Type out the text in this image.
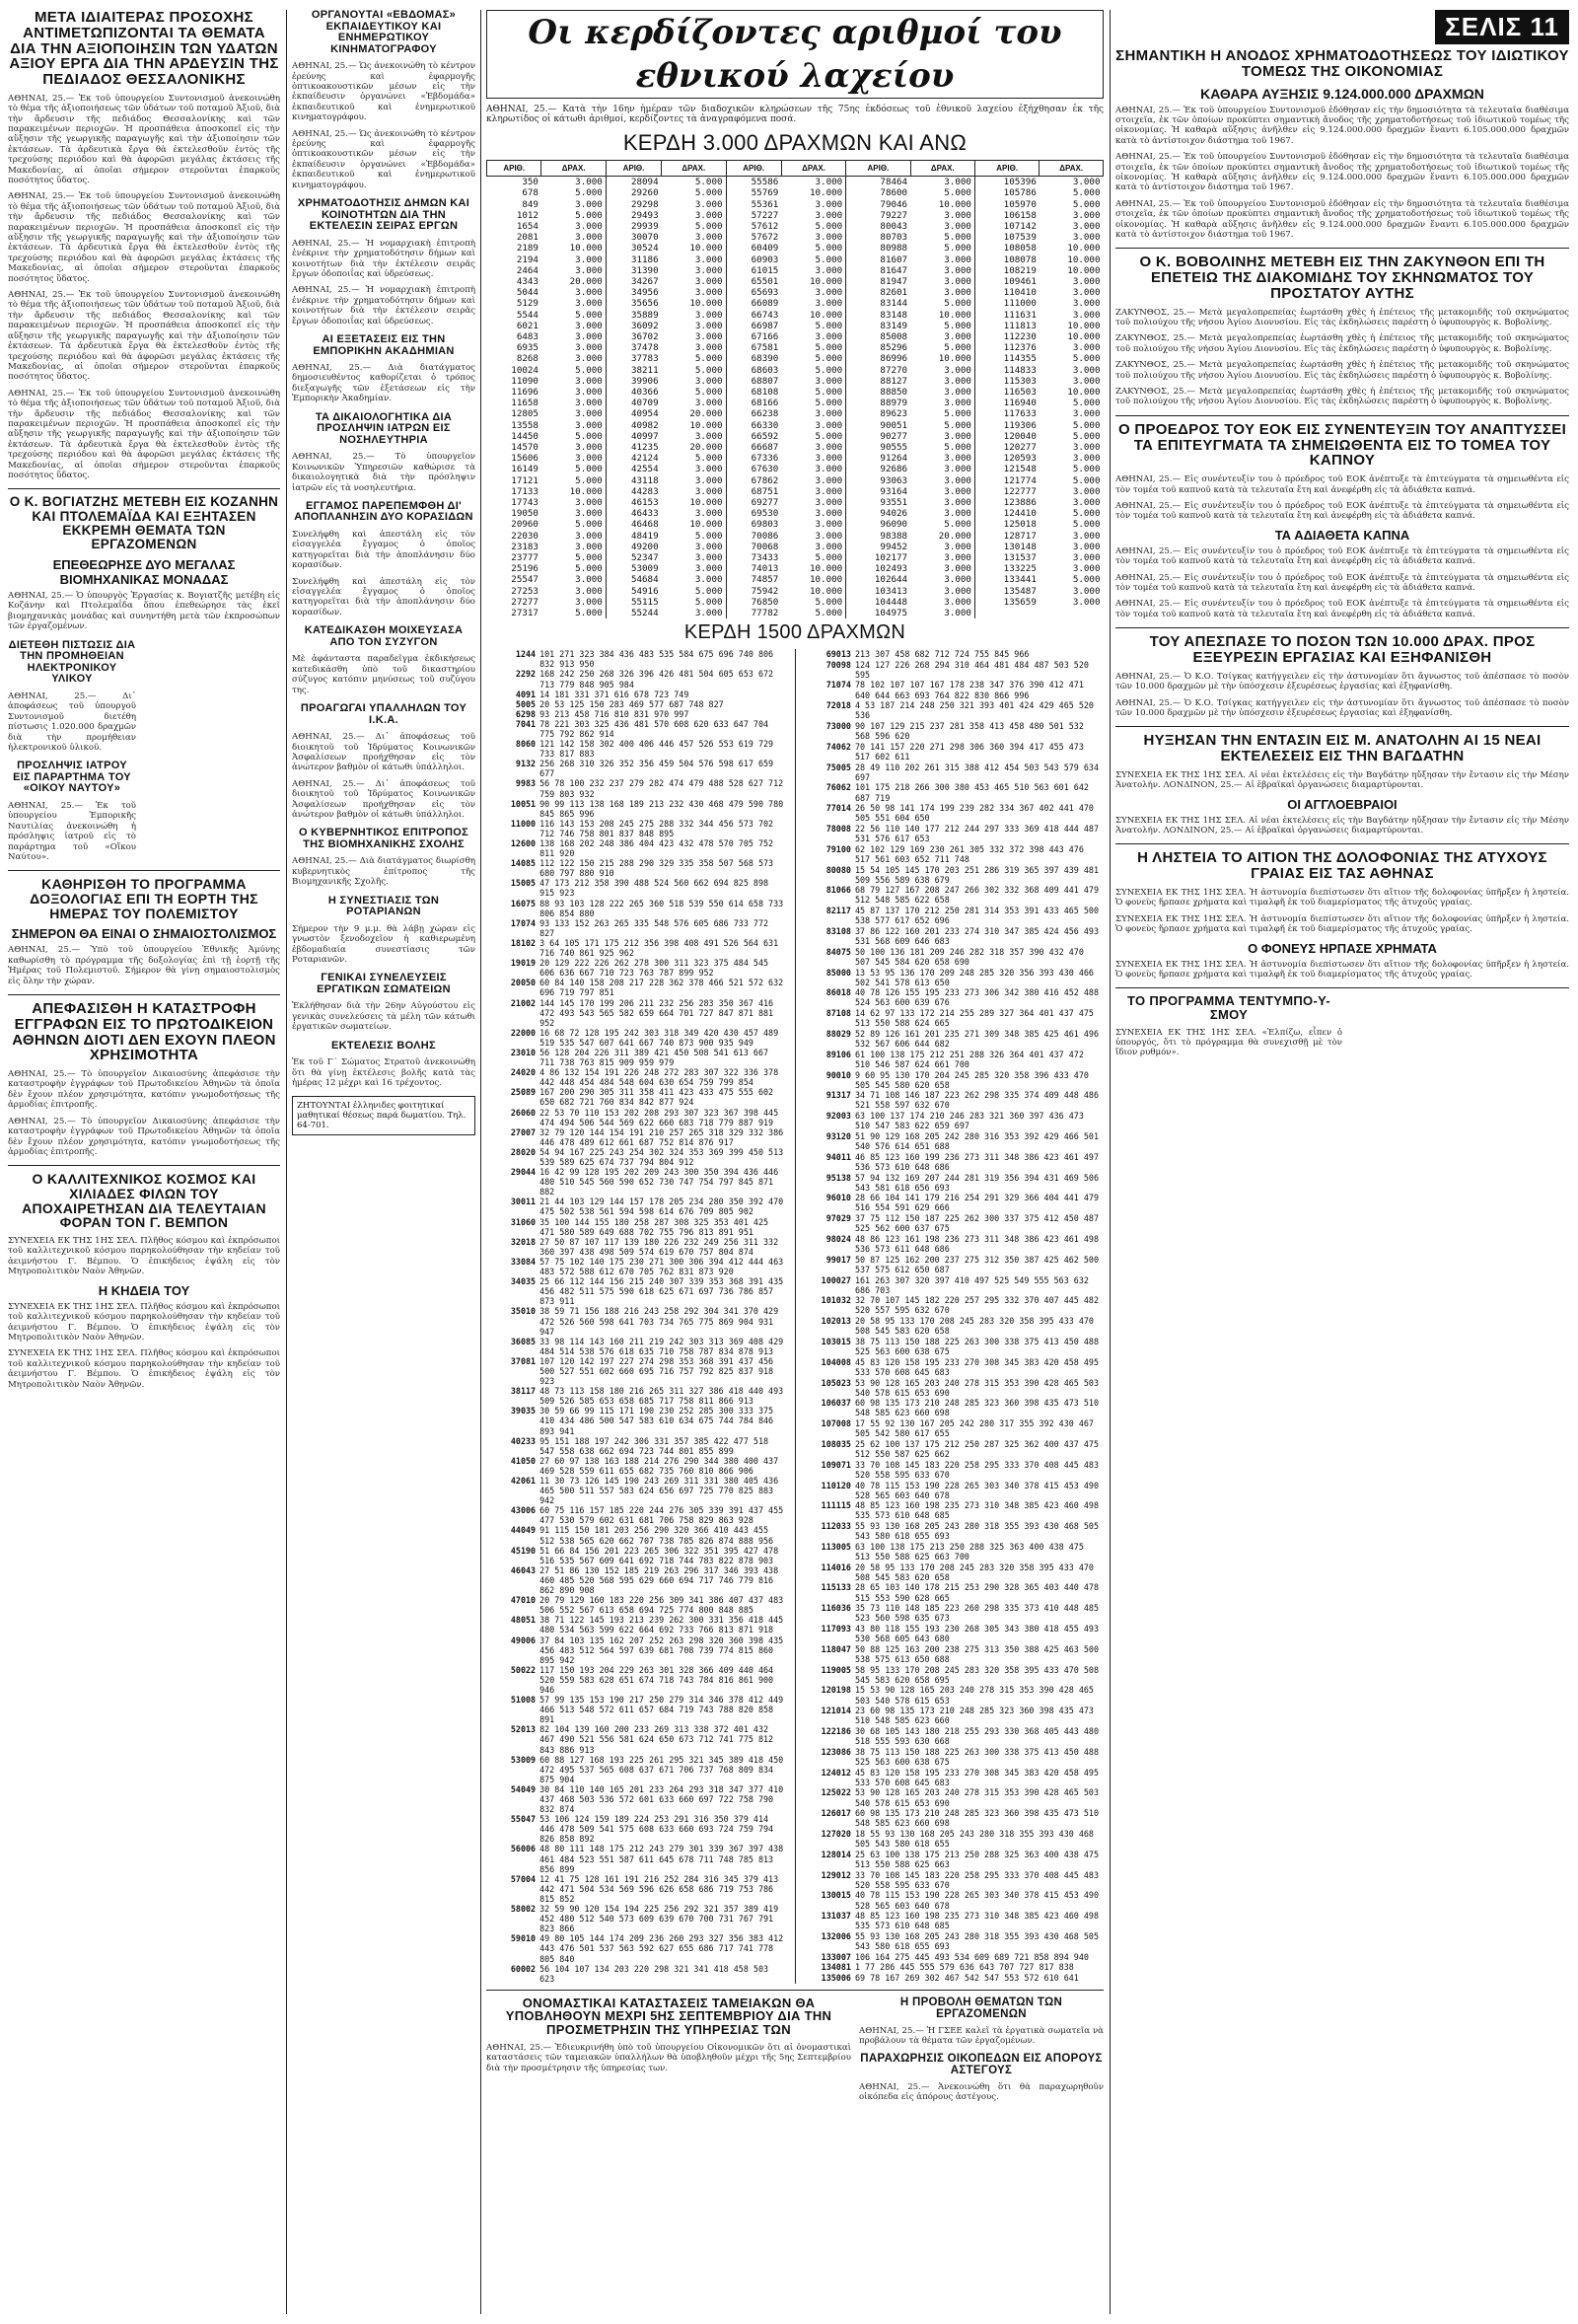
ΜΕΤΑ ΙΔΙΑΙΤΕΡΑΣ ΠΡΟΣΟΧΗΣ ΑΝΤΙΜΕΤΩΠΙΖΟΝΤΑΙ ΤΑ ΘΕΜΑΤΑ ΔΙΑ ΤΗΝ ΑΞΙΟΠΟΙΗΣΙΝ ΤΩΝ ΥΔΑΤΩΝ ΑΞΙΟΥ ΕΡΓΑ ΔΙΑ ΤΗΝ ΑΡΔΕΥΣΙΝ ΤΗΣ ΠΕΔΙΑΔΟΣ ΘΕΣΣΑΛΟΝΙΚΗΣ
ΑΘΗΝΑΙ, 25.— Ἐκ τοῦ ὑπουργείου Συντονισμοῦ ἀνεκοινώθη τὸ θέμα τῆς ἀξιοποιήσεως τῶν ὑδάτων τοῦ ποταμοῦ Ἀξιοῦ, διὰ τὴν ἄρδευσιν τῆς πεδιάδος Θεσσαλονίκης καὶ τῶν παρακειμένων περιοχῶν. Ἡ προσπάθεια ἀποσκοπεῖ εἰς τὴν αὔξησιν τῆς γεωργικῆς παραγωγῆς καὶ τὴν ἀξιοποίησιν τῶν ἐκτάσεων. Τὰ ἀρδευτικὰ ἔργα θὰ ἐκτελεσθοῦν ἐντὸς τῆς τρεχούσης περιόδου καὶ θὰ ἀφορῶσι μεγάλας ἐκτάσεις τῆς Μακεδονίας, αἱ ὁποῖαι σήμερον στεροῦνται ἐπαρκοῦς ποσότητος ὕδατος.
ΑΘΗΝΑΙ, 25.— Ἐκ τοῦ ὑπουργείου Συντονισμοῦ ἀνεκοινώθη τὸ θέμα τῆς ἀξιοποιήσεως τῶν ὑδάτων τοῦ ποταμοῦ Ἀξιοῦ, διὰ τὴν ἄρδευσιν τῆς πεδιάδος Θεσσαλονίκης καὶ τῶν παρακειμένων περιοχῶν. Ἡ προσπάθεια ἀποσκοπεῖ εἰς τὴν αὔξησιν τῆς γεωργικῆς παραγωγῆς καὶ τὴν ἀξιοποίησιν τῶν ἐκτάσεων. Τὰ ἀρδευτικὰ ἔργα θὰ ἐκτελεσθοῦν ἐντὸς τῆς τρεχούσης περιόδου καὶ θὰ ἀφορῶσι μεγάλας ἐκτάσεις τῆς Μακεδονίας, αἱ ὁποῖαι σήμερον στεροῦνται ἐπαρκοῦς ποσότητος ὕδατος.
ΑΘΗΝΑΙ, 25.— Ἐκ τοῦ ὑπουργείου Συντονισμοῦ ἀνεκοινώθη τὸ θέμα τῆς ἀξιοποιήσεως τῶν ὑδάτων τοῦ ποταμοῦ Ἀξιοῦ, διὰ τὴν ἄρδευσιν τῆς πεδιάδος Θεσσαλονίκης καὶ τῶν παρακειμένων περιοχῶν. Ἡ προσπάθεια ἀποσκοπεῖ εἰς τὴν αὔξησιν τῆς γεωργικῆς παραγωγῆς καὶ τὴν ἀξιοποίησιν τῶν ἐκτάσεων. Τὰ ἀρδευτικὰ ἔργα θὰ ἐκτελεσθοῦν ἐντὸς τῆς τρεχούσης περιόδου καὶ θὰ ἀφορῶσι μεγάλας ἐκτάσεις τῆς Μακεδονίας, αἱ ὁποῖαι σήμερον στεροῦνται ἐπαρκοῦς ποσότητος ὕδατος.
ΑΘΗΝΑΙ, 25.— Ἐκ τοῦ ὑπουργείου Συντονισμοῦ ἀνεκοινώθη τὸ θέμα τῆς ἀξιοποιήσεως τῶν ὑδάτων τοῦ ποταμοῦ Ἀξιοῦ, διὰ τὴν ἄρδευσιν τῆς πεδιάδος Θεσσαλονίκης καὶ τῶν παρακειμένων περιοχῶν. Ἡ προσπάθεια ἀποσκοπεῖ εἰς τὴν αὔξησιν τῆς γεωργικῆς παραγωγῆς καὶ τὴν ἀξιοποίησιν τῶν ἐκτάσεων. Τὰ ἀρδευτικὰ ἔργα θὰ ἐκτελεσθοῦν ἐντὸς τῆς τρεχούσης περιόδου καὶ θὰ ἀφορῶσι μεγάλας ἐκτάσεις τῆς Μακεδονίας, αἱ ὁποῖαι σήμερον στεροῦνται ἐπαρκοῦς ποσότητος ὕδατος.
Ο Κ. ΒΟΓΙΑΤΖΗΣ ΜΕΤΕΒΗ ΕΙΣ ΚΟΖΑΝΗΝ ΚΑΙ ΠΤΟΛΕΜΑΪΔΑ ΚΑΙ ΕΞΗΤΑΣΕΝ ΕΚΚΡΕΜΗ ΘΕΜΑΤΑ ΤΩΝ ΕΡΓΑΖΟΜΕΝΩΝ
ΕΠΕΘΕΩΡΗΣΕ ΔΥΟ ΜΕΓΑΛΑΣ ΒΙΟΜΗΧΑΝΙΚΑΣ ΜΟΝΑΔΑΣ
ΑΘΗΝΑΙ, 25.— Ὁ ὑπουργὸς Ἐργασίας κ. Βογιατζῆς μετέβη εἰς Κοζάνην καὶ Πτολεμαΐδα ὅπου ἐπεθεώρησε τὰς ἐκεῖ βιομηχανικὰς μονάδας καὶ συνηντήθη μετὰ τῶν ἐκπροσώπων τῶν ἐργαζομένων.
ΔΙΕΤΕΘΗ ΠΙΣΤΩΣΙΣ ΔΙΑ ΤΗΝ ΠΡΟΜΗΘΕΙΑΝ ΗΛΕΚΤΡΟΝΙΚΟΥ ΥΛΙΚΟΥ
ΑΘΗΝΑΙ, 25.— Δι᾽ ἀποφάσεως τοῦ ὑπουργοῦ Συντονισμοῦ διετέθη πίστωσις 1.020.000 δραχμῶν διὰ τὴν προμήθειαν ἠλεκτρονικοῦ ὑλικοῦ.
ΠΡΟΣΛΗΨΙΣ ΙΑΤΡΟΥ ΕΙΣ ΠΑΡΑΡΤΗΜΑ ΤΟΥ «ΟΙΚΟΥ ΝΑΥΤΟΥ»
ΑΘΗΝΑΙ, 25.— Ἐκ τοῦ ὑπουργείου Ἐμπορικῆς Ναυτιλίας ἀνεκοινώθη ἡ πρόσληψις ἰατροῦ εἰς τὸ παράρτημα τοῦ «Οἴκου Ναύτου».
ΚΑΘΗΡΙΣΘΗ ΤΟ ΠΡΟΓΡΑΜΜΑ ΔΟΞΟΛΟΓΙΑΣ ΕΠΙ ΤΗ ΕΟΡΤΗ ΤΗΣ ΗΜΕΡΑΣ ΤΟΥ ΠΟΛΕΜΙΣΤΟΥ
ΣΗΜΕΡΟΝ ΘΑ ΕΙΝΑΙ Ο ΣΗΜΑΙΟΣΤΟΛΙΣΜΟΣ
ΑΘΗΝΑΙ, 25.— Ὑπὸ τοῦ ὑπουργείου Ἐθνικῆς Ἀμύνης καθωρίσθη τὸ πρόγραμμα τῆς δοξολογίας ἐπὶ τῇ ἑορτῇ τῆς Ἡμέρας τοῦ Πολεμιστοῦ. Σήμερον θὰ γίνῃ σημαιοστολισμὸς εἰς ὅλην τὴν χώραν.
ΑΠΕΦΑΣΙΣΘΗ Η ΚΑΤΑΣΤΡΟΦΗ ΕΓΓΡΑΦΩΝ ΕΙΣ ΤΟ ΠΡΩΤΟΔΙΚΕΙΟΝ ΑΘΗΝΩΝ ΔΙΟΤΙ ΔΕΝ ΕΧΟΥΝ ΠΛΕΟΝ ΧΡΗΣΙΜΟΤΗΤΑ
ΑΘΗΝΑΙ, 25.— Τὸ ὑπουργεῖον Δικαιοσύνης ἀπεφάσισε τὴν καταστροφὴν ἐγγράφων τοῦ Πρωτοδικείου Ἀθηνῶν τὰ ὁποῖα δὲν ἔχουν πλέον χρησιμότητα, κατόπιν γνωμοδοτήσεως τῆς ἁρμοδίας ἐπιτροπῆς.
ΑΘΗΝΑΙ, 25.— Τὸ ὑπουργεῖον Δικαιοσύνης ἀπεφάσισε τὴν καταστροφὴν ἐγγράφων τοῦ Πρωτοδικείου Ἀθηνῶν τὰ ὁποῖα δὲν ἔχουν πλέον χρησιμότητα, κατόπιν γνωμοδοτήσεως τῆς ἁρμοδίας ἐπιτροπῆς.
Ο ΚΑΛΛΙΤΕΧΝΙΚΟΣ ΚΟΣΜΟΣ ΚΑΙ ΧΙΛΙΑΔΕΣ ΦΙΛΩΝ ΤΟΥ ΑΠΟΧΑΙΡΕΤΗΣΑΝ ΔΙΑ ΤΕΛΕΥΤΑΙΑΝ ΦΟΡΑΝ ΤΟΝ Γ. ΒΕΜΠΟΝ
ΣΥΝΕΧΕΙΑ ΕΚ ΤΗΣ 1ΗΣ ΣΕΛ. Πλῆθος κόσμου καὶ ἐκπρόσωποι τοῦ καλλιτεχνικοῦ κόσμου παρηκολούθησαν τὴν κηδείαν τοῦ ἀειμνήστου Γ. Βέμπου. Ὁ ἐπικήδειος ἐψάλη εἰς τὸν Μητροπολιτικὸν Ναὸν Ἀθηνῶν.
Η ΚΗΔΕΙΑ ΤΟΥ
ΣΥΝΕΧΕΙΑ ΕΚ ΤΗΣ 1ΗΣ ΣΕΛ. Πλῆθος κόσμου καὶ ἐκπρόσωποι τοῦ καλλιτεχνικοῦ κόσμου παρηκολούθησαν τὴν κηδείαν τοῦ ἀειμνήστου Γ. Βέμπου. Ὁ ἐπικήδειος ἐψάλη εἰς τὸν Μητροπολιτικὸν Ναὸν Ἀθηνῶν.
ΣΥΝΕΧΕΙΑ ΕΚ ΤΗΣ 1ΗΣ ΣΕΛ. Πλῆθος κόσμου καὶ ἐκπρόσωποι τοῦ καλλιτεχνικοῦ κόσμου παρηκολούθησαν τὴν κηδείαν τοῦ ἀειμνήστου Γ. Βέμπου. Ὁ ἐπικήδειος ἐψάλη εἰς τὸν Μητροπολιτικὸν Ναὸν Ἀθηνῶν.
ΟΡΓΑΝΟΥΤΑΙ «ΕΒΔΟΜΑΣ» ΕΚΠΑΙΔΕΥΤΙΚΟΥ ΚΑΙ ΕΝΗΜΕΡΩΤΙΚΟΥ ΚΙΝΗΜΑΤΟΓΡΑΦΟΥ
ΑΘΗΝΑΙ, 25.— Ὡς ἀνεκοινώθη τὸ κέντρον ἐρεύνης καὶ ἐφαρμογῆς ὀπτικοακουστικῶν μέσων εἰς τὴν ἐκπαίδευσιν ὀργανώνει «Ἑβδομάδα» ἐκπαιδευτικοῦ καὶ ἐνημερωτικοῦ κινηματογράφου.
ΑΘΗΝΑΙ, 25.— Ὡς ἀνεκοινώθη τὸ κέντρον ἐρεύνης καὶ ἐφαρμογῆς ὀπτικοακουστικῶν μέσων εἰς τὴν ἐκπαίδευσιν ὀργανώνει «Ἑβδομάδα» ἐκπαιδευτικοῦ καὶ ἐνημερωτικοῦ κινηματογράφου.
ΧΡΗΜΑΤΟΔΟΤΗΣΙΣ ΔΗΜΩΝ ΚΑΙ ΚΟΙΝΟΤΗΤΩΝ ΔΙΑ ΤΗΝ ΕΚΤΕΛΕΣΙΝ ΣΕΙΡΑΣ ΕΡΓΩΝ
ΑΘΗΝΑΙ, 25.— Ἡ νομαρχιακὴ ἐπιτροπὴ ἐνέκρινε τὴν χρηματοδότησιν δήμων καὶ κοινοτήτων διὰ τὴν ἐκτέλεσιν σειρᾶς ἔργων ὀδοποιΐας καὶ ὑδρεύσεως.
ΑΘΗΝΑΙ, 25.— Ἡ νομαρχιακὴ ἐπιτροπὴ ἐνέκρινε τὴν χρηματοδότησιν δήμων καὶ κοινοτήτων διὰ τὴν ἐκτέλεσιν σειρᾶς ἔργων ὀδοποιΐας καὶ ὑδρεύσεως.
ΑΙ ΕΞΕΤΑΣΕΙΣ ΕΙΣ ΤΗΝ ΕΜΠΟΡΙΚΗΝ ΑΚΑΔΗΜΙΑΝ
ΑΘΗΝΑΙ, 25.— Διὰ διατάγματος δημοσιευθέντος καθορίζεται ὁ τρόπος διεξαγωγῆς τῶν ἐξετάσεων εἰς τὴν Ἐμπορικὴν Ἀκαδημίαν.
ΤΑ ΔΙΚΑΙΟΛΟΓΗΤΙΚΑ ΔΙΑ ΠΡΟΣΛΗΨΙΝ ΙΑΤΡΩΝ ΕΙΣ ΝΟΣΗΛΕΥΤΗΡΙΑ
ΑΘΗΝΑΙ, 25.— Τὸ ὑπουργεῖον Κοινωνικῶν Ὑπηρεσιῶν καθώρισε τὰ δικαιολογητικὰ διὰ τὴν πρόσληψιν ἰατρῶν εἰς τὰ νοσηλευτήρια.
ΕΓΓΑΜΟΣ ΠΑΡΕΠΕΜΦΘΗ ΔΙ' ΑΠΟΠΛΑΝΗΣΙΝ ΔΥΟ ΚΟΡΑΣΙΔΩΝ
Συνελήφθη καὶ ἀπεστάλη εἰς τὸν εἰσαγγελέα ἔγγαμος ὁ ὁποῖος κατηγορεῖται διὰ τὴν ἀποπλάνησιν δύο κορασίδων.
Συνελήφθη καὶ ἀπεστάλη εἰς τὸν εἰσαγγελέα ἔγγαμος ὁ ὁποῖος κατηγορεῖται διὰ τὴν ἀποπλάνησιν δύο κορασίδων.
ΚΑΤΕΔΙΚΑΣΘΗ ΜΟΙΧΕΥΣΑΣΑ ΑΠΟ ΤΟΝ ΣΥΖΥΓΟΝ
Μὲ ἀφάνταστα παραδεῖγμα ἐκδικήσεως κατεδικάσθη ὑπὸ τοῦ δικαστηρίου σύζυγος κατόπιν μηνύσεως τοῦ συζύγου της.
ΠΡΟΑΓΩΓΑΙ ΥΠΑΛΛΗΛΩΝ ΤΟΥ Ι.Κ.Α.
ΑΘΗΝΑΙ, 25.— Δι᾽ ἀποφάσεως τοῦ διοικητοῦ τοῦ Ἱδρύματος Κοινωνικῶν Ἀσφαλίσεων προήχθησαν εἰς τὸν ἀνώτερον βαθμὸν οἱ κάτωθι ὑπάλληλοι.
ΑΘΗΝΑΙ, 25.— Δι᾽ ἀποφάσεως τοῦ διοικητοῦ τοῦ Ἱδρύματος Κοινωνικῶν Ἀσφαλίσεων προήχθησαν εἰς τὸν ἀνώτερον βαθμὸν οἱ κάτωθι ὑπάλληλοι.
Ο ΚΥΒΕΡΝΗΤΙΚΟΣ ΕΠΙΤΡΟΠΟΣ ΤΗΣ ΒΙΟΜΗΧΑΝΙΚΗΣ ΣΧΟΛΗΣ
ΑΘΗΝΑΙ, 25.— Διὰ διατάγματος διωρίσθη κυβερνητικὸς ἐπίτροπος τῆς Βιομηχανικῆς Σχολῆς.
Η ΣΥΝΕΣΤΙΑΣΙΣ ΤΩΝ ΡΟΤΑΡΙΑΝΩΝ
Σήμερον τὴν 9 μ.μ. θὰ λάβῃ χώραν εἰς γνωστὸν ξενοδοχεῖον ἡ καθιερωμένη ἑβδομαδιαία συνεστίασις τῶν Ροταριανῶν.
ΓΕΝΙΚΑΙ ΣΥΝΕΛΕΥΣΕΙΣ ΕΡΓΑΤΙΚΩΝ ΣΩΜΑΤΕΙΩΝ
Ἐκλήθησαν διὰ τὴν 26ην Αὐγούστου εἰς γενικὰς συνελεύσεις τὰ μέλη τῶν κάτωθι ἐργατικῶν σωματείων.
ΕΚΤΕΛΕΣΙΣ ΒΟΛΗΣ
Ἐκ τοῦ Γ΄ Σώματος Στρατοῦ ἀνεκοινώθη ὅτι θὰ γίνῃ ἐκτέλεσις βολῆς κατὰ τὰς ἡμέρας 12 μέχρι καὶ 16 τρέχοντος.
ΖΗΤΟΥΝΤΑΙ ἐλληνιδες φοιτητικαί μαθητικαί θέσεως παρά δωματίου. Τηλ. 64-701.
Οι κερδίζοντες αριθμοί του εθνικού λαχείου
ΑΘΗΝΑΙ, 25.— Κατὰ τὴν 16ην ἡμέραν τῶν διαδοχικῶν κληρώσεων τῆς 75ης ἐκδόσεως τοῦ ἐθνικοῦ λαχείου ἐξήχθησαν ἐκ τῆς κληρωτίδος οἱ κάτωθι ἀριθμοί, κερδίζοντες τὰ ἀναγραφόμενα ποσά.
ΚΕΡΔΗ 3.000 ΔΡΑΧΜΩΝ ΚΑΙ ΑΝΩ
ΑΡΙΘ.	ΔΡΑΧ.	ΑΡΙΘ.	ΔΡΑΧ.	ΑΡΙΘ.	ΔΡΑΧ.	ΑΡΙΘ.	ΔΡΑΧ.	ΑΡΙΘ.	ΔΡΑΧ.
350	3.000	28094	5.000	55586	3.000	78464	3.000	105396	3.000
678	5.000	29260	5.000	55769	10.000	78600	5.000	105786	5.000
849	3.000	29298	3.000	55361	3.000	79046	10.000	105970	5.000
1012	5.000	29493	3.000	57227	3.000	79227	3.000	106158	3.000
1654	3.000	29939	5.000	57612	5.000	80043	3.000	107142	3.000
2081	3.000	30070	3.000	57672	3.000	80703	5.000	107539	3.000
2189	10.000	30524	10.000	60409	5.000	80988	5.000	108058	10.000
2194	3.000	31186	3.000	60903	5.000	81607	3.000	108078	10.000
2464	3.000	31390	3.000	61015	3.000	81647	3.000	108219	10.000
4343	20.000	34267	3.000	65501	10.000	81947	3.000	109461	3.000
5044	3.000	34956	3.000	65693	3.000	82601	3.000	110410	3.000
5129	3.000	35656	10.000	66089	3.000	83144	5.000	111000	3.000
5544	5.000	35889	3.000	66743	10.000	83148	10.000	111631	3.000
6021	3.000	36092	3.000	66987	5.000	83149	5.000	111813	10.000
6483	3.000	36702	3.000	67166	3.000	85008	3.000	112230	10.000
6935	3.000	37478	3.000	67581	5.000	85296	5.000	112376	3.000
8268	3.000	37783	5.000	68390	5.000	86996	10.000	114355	5.000
10024	5.000	38211	5.000	68603	5.000	87270	3.000	114833	3.000
11090	3.000	39906	3.000	68807	3.000	88127	3.000	115303	3.000
11696	3.000	40366	5.000	68108	5.000	88850	3.000	116503	10.000
11658	3.000	40709	3.000	68166	5.000	88979	3.000	116940	5.000
12805	3.000	40954	20.000	66238	3.000	89623	5.000	117633	3.000
13558	3.000	40982	10.000	66330	3.000	90051	5.000	119306	5.000
14450	5.000	40997	3.000	66592	5.000	90277	3.000	120040	5.000
14570	3.000	41235	20.000	66687	3.000	90555	5.000	120277	3.000
15606	3.000	42124	5.000	67336	3.000	91264	3.000	120593	3.000
16149	5.000	42554	3.000	67630	3.000	92686	3.000	121548	5.000
17121	5.000	43118	3.000	67862	3.000	93063	3.000	121774	5.000
17133	10.000	44283	3.000	68751	3.000	93164	3.000	122777	3.000
17743	3.000	46153	10.000	69277	3.000	93551	3.000	123886	3.000
19050	3.000	46433	3.000	69530	3.000	94026	3.000	124410	5.000
20960	5.000	46468	10.000	69803	3.000	96090	5.000	125018	5.000
22030	3.000	48419	5.000	70086	3.000	98388	20.000	128717	3.000
23183	3.000	49200	3.000	70068	3.000	99452	3.000	130148	3.000
23777	5.000	52347	3.000	73433	5.000	102177	3.000	131537	3.000
25196	5.000	53009	3.000	74013	10.000	102493	3.000	133225	3.000
25547	3.000	54684	3.000	74857	10.000	102644	3.000	133441	5.000
27253	3.000	54916	5.000	75942	10.000	103413	3.000	135487	3.000
27277	3.000	55115	5.000	76850	5.000	104448	3.000	135659	3.000
27317	5.000	55244	3.000	77782	5.000	104975	3.000		
ΚΕΡΔΗ 1500 ΔΡΑΧΜΩΝ
1244	101 271 323 384 436 483 535 584 675 696 740 806 832 913 950
2292	168 242 250 268 326 396 426 481 504 605 653 672 713 779 848 905 984
4091	14 181 331 371 616 678 723 749
5005	20 53 125 150 283 469 577 687 748 827
6298	93 213 458 716 810 831 970 997
7041	78 221 303 325 436 481 570 608 620 633 647 704 775 792 862 914
8060	121 142 158 302 400 406 446 457 526 553 619 729 733 817 883
9132	256 268 310 326 352 356 459 504 576 598 617 659 677
9983	56 78 100 232 237 279 282 474 479 488 528 627 712 759 803 932
10051	90 99 113 138 168 189 213 232 430 468 479 590 780 845 865 996
11000	116 143 153 208 245 275 288 332 344 456 573 702 712 746 758 801 837 848 895
12600	138 168 202 248 386 404 423 432 478 570 705 752 811 920
14085	112 122 150 215 288 290 329 335 358 507 568 573 680 797 880 910
15005	47 173 212 358 390 488 524 560 662 694 825 898 915 923
16075	88 93 103 128 222 265 360 518 539 550 614 658 733 806 854 880
17074	93 133 152 263 265 335 548 576 605 686 733 772 827
18102	3 64 105 171 175 212 356 398 408 491 526 564 631 716 740 861 925 962
19019	20 129 222 226 262 278 300 311 323 375 484 545 606 636 667 710 723 763 787 899 952
20050	60 84 140 158 208 217 228 362 378 466 521 572 632 696 719 797 851
21002	144 145 170 199 206 211 232 256 283 350 367 416 472 493 543 565 582 659 664 701 727 847 871 881 952
22000	16 68 72 128 195 242 303 318 349 420 430 457 489 519 535 547 607 641 667 740 873 900 935 949
23010	56 128 204 226 311 389 421 450 508 541 613 667 711 738 763 815 909 959 979
24020	4 86 132 154 191 226 248 272 283 307 322 336 378 442 448 454 484 548 604 630 654 759 799 854
25089	167 200 290 305 311 358 411 423 433 475 555 602 650 682 721 760 834 842 877 924
26060	22 53 70 110 153 202 208 293 307 323 367 398 445 474 494 506 544 569 622 660 683 718 779 887 919
27007	32 79 120 144 154 191 210 257 265 318 329 332 386 446 478 489 612 661 687 752 814 876 917
28020	54 94 167 225 243 254 302 324 353 369 399 450 513 539 589 625 674 737 794 804 912
29044	16 42 99 128 195 202 209 243 300 350 394 436 446 480 510 545 560 590 652 730 747 754 797 845 871 882
30011	21 44 103 129 144 157 178 205 234 280 350 392 470 475 502 538 561 594 598 614 676 709 805 902
31060	35 100 144 155 180 258 287 308 325 353 401 425 471 580 589 649 688 702 755 796 813 891 951
32018	27 50 87 107 117 139 180 226 232 249 256 311 332 360 397 438 498 509 574 619 670 757 804 874
33084	57 75 102 140 175 230 271 300 306 394 412 444 463 483 572 588 612 670 705 762 831 873 920
34035	25 66 112 144 156 215 240 307 339 353 368 391 435 456 482 511 575 590 618 625 671 697 736 786 857 873 911
35010	38 59 71 156 188 216 243 258 292 304 341 370 429 472 526 560 598 641 703 734 765 775 869 904 931 947
36085	33 98 114 143 160 211 219 242 303 313 369 408 429 484 514 538 576 618 635 710 758 787 834 878 913
37081	107 120 142 197 227 274 298 353 368 391 437 456 500 527 551 602 660 695 716 757 792 825 837 918 923
38117	48 73 113 158 180 216 265 311 327 386 418 440 493 509 526 585 653 658 685 717 758 811 866 913
39035	30 59 66 99 115 171 190 230 252 285 300 333 375 410 434 486 500 547 583 610 634 675 744 784 846 893 941
40233	95 151 188 197 242 306 331 357 385 422 477 518 547 558 638 662 694 723 744 801 855 899
41050	27 60 97 138 163 188 214 276 290 344 380 400 437 469 528 559 611 655 682 735 760 810 866 906
42061	11 30 73 126 145 190 243 269 311 331 380 405 436 465 500 511 557 583 624 656 697 725 770 825 883 942
43006	60 75 116 157 185 220 244 276 305 339 391 437 455 477 530 579 602 631 681 706 758 829 863 928
44049	91 115 150 181 203 256 290 320 366 410 443 455 512 538 565 620 662 707 738 785 826 874 888 956
45190	51 66 84 156 201 223 265 306 322 351 395 427 478 516 535 567 609 641 692 718 744 783 822 878 903
46043	27 51 86 130 152 185 219 263 296 317 346 393 438 460 485 520 568 595 629 660 694 717 746 779 816 862 890 908
47010	20 79 129 160 183 220 256 309 341 386 407 437 483 506 552 567 613 658 694 725 774 800 848 885
48051	38 71 122 145 193 213 239 262 300 331 356 418 445 480 534 563 599 622 664 692 733 766 813 871 918
49006	37 84 103 135 162 207 252 263 298 320 360 398 435 456 483 512 564 597 639 681 708 739 774 815 860 895 942
50022	117 150 193 204 229 263 301 328 366 409 440 464 520 559 583 628 651 674 718 743 784 816 861 900 946
51008	57 99 135 153 190 217 250 279 314 346 378 412 449 466 513 548 572 611 657 684 719 743 788 820 858 891
52013	82 104 139 160 200 233 269 313 338 372 401 432 467 490 521 556 581 624 650 673 712 741 775 812 843 886 913
53009	60 88 127 168 193 225 261 295 321 345 389 418 450 472 495 537 565 608 637 671 706 737 768 809 834 875 904
54049	30 84 110 140 165 201 233 264 293 318 347 377 410 437 468 503 536 572 601 633 660 697 722 758 790 832 874
55047	53 106 124 159 189 224 253 291 316 350 379 414 446 478 509 541 575 608 633 660 693 724 759 794 826 858 892
56006	48 80 111 148 175 212 243 279 301 339 367 397 438 461 484 523 551 587 611 645 678 711 748 785 813 856 899
57004	12 41 75 128 161 191 216 252 284 316 345 379 413 442 471 504 534 569 596 626 658 686 719 753 786 815 852
58002	32 59 90 120 154 194 225 256 292 321 357 389 419 452 480 512 540 573 609 639 670 700 731 767 791 823 866
59010	49 80 105 144 174 209 236 260 293 327 356 383 412 443 476 501 537 563 592 627 655 686 717 741 778 805 840
60002	56 104 107 134 203 220 298 321 341 418 458 503 623
69013	213 307 458 682 712 724 755 845 966
70098	124 127 226 268 294 310 464 481 484 487 503 520 595
71074	78 102 107 107 167 178 238 347 376 390 412 471 640 644 663 693 764 822 830 866 996
72018	4 53 187 214 248 250 321 393 401 424 429 465 520 536
73000	90 107 129 215 237 281 358 413 458 480 501 532 568 596 620
74062	70 141 157 220 271 298 306 360 394 417 455 473 517 602 611
75005	28 49 110 202 261 315 388 412 454 503 543 579 634 697
76062	101 175 218 266 300 380 453 465 510 563 601 642 687 719
77014	26 50 98 141 174 199 239 282 334 367 402 441 470 505 551 604 650
78008	22 56 110 140 177 212 244 297 333 369 418 444 487 531 576 617 653
79100	62 102 129 169 230 261 305 332 372 398 443 476 517 561 603 652 711 748
80080	15 54 105 145 170 203 251 286 319 365 397 439 481 509 556 589 638 679
81066	68 79 127 167 208 247 266 302 332 368 409 441 479 512 548 585 622 658
82117	45 87 137 170 212 250 281 314 353 391 433 465 500 538 577 617 652 696
83108	37 86 122 160 201 233 274 310 347 385 424 456 493 531 568 609 646 683
84075	50 100 136 181 209 246 282 318 357 390 432 470 507 545 584 620 658 690
85000	13 53 95 136 170 209 248 285 320 356 393 430 466 502 541 578 613 650
86018	40 78 126 155 195 233 273 306 342 380 416 452 488 524 563 600 639 676
87108	14 62 97 133 172 214 255 289 327 364 401 437 475 513 550 588 624 665
88029	52 89 126 161 201 235 271 309 348 385 425 461 496 532 567 606 644 682
89106	61 100 138 175 212 251 288 326 364 401 437 472 510 546 587 624 661 700
90010	9 60 95 130 170 204 245 285 320 358 396 433 470 505 545 580 620 658
91317	34 71 108 146 187 223 262 298 335 374 409 448 486 521 558 597 632 670
92003	63 100 137 174 210 246 283 321 360 397 436 473 510 547 583 622 659 697
93120	51 90 129 168 205 242 280 316 353 392 429 466 501 540 576 614 651 688
94011	46 85 123 160 199 236 273 311 348 386 423 461 497 536 573 610 648 686
95138	57 94 132 169 207 244 281 319 356 394 431 469 506 543 581 618 656 693
96010	28 66 104 141 179 216 254 291 329 366 404 441 479 516 554 591 629 666
97029	37 75 112 150 187 225 262 300 337 375 412 450 487 525 562 600 637 675
98024	48 86 123 161 198 236 273 311 348 386 423 461 498 536 573 611 648 686
99017	50 87 125 162 200 237 275 312 350 387 425 462 500 537 575 612 650 687
100027	161 263 307 320 397 410 497 525 549 555 563 632 686 703
101032	32 70 107 145 182 220 257 295 332 370 407 445 482 520 557 595 632 670
102013	20 58 95 133 170 208 245 283 320 358 395 433 470 508 545 583 620 658
103015	38 75 113 150 188 225 263 300 338 375 413 450 488 525 563 600 638 675
104008	45 83 120 158 195 233 270 308 345 383 420 458 495 533 570 608 645 683
105023	53 90 128 165 203 240 278 315 353 390 428 465 503 540 578 615 653 690
106037	60 98 135 173 210 248 285 323 360 398 435 473 510 548 585 623 660 698
107008	17 55 92 130 167 205 242 280 317 355 392 430 467 505 542 580 617 655
108035	25 62 100 137 175 212 250 287 325 362 400 437 475 512 550 587 625 662
109071	33 70 108 145 183 220 258 295 333 370 408 445 483 520 558 595 633 670
110120	40 78 115 153 190 228 265 303 340 378 415 453 490 528 565 603 640 678
111115	48 85 123 160 198 235 273 310 348 385 423 460 498 535 573 610 648 685
112033	55 93 130 168 205 243 280 318 355 393 430 468 505 543 580 618 655 693
113005	63 100 138 175 213 250 288 325 363 400 438 475 513 550 588 625 663 700
114016	20 58 95 133 170 208 245 283 320 358 395 433 470 508 545 583 620 658
115133	28 65 103 140 178 215 253 290 328 365 403 440 478 515 553 590 628 665
116036	35 73 110 148 185 223 260 298 335 373 410 448 485 523 560 598 635 673
117093	43 80 118 155 193 230 268 305 343 380 418 455 493 530 568 605 643 680
118047	50 88 125 163 200 238 275 313 350 388 425 463 500 538 575 613 650 688
119005	58 95 133 170 208 245 283 320 358 395 433 470 508 545 583 620 658 695
120198	15 53 90 128 165 203 240 278 315 353 390 428 465 503 540 578 615 653
121014	23 60 98 135 173 210 248 285 323 360 398 435 473 510 548 585 623 660
122186	30 68 105 143 180 218 255 293 330 368 405 443 480 518 555 593 630 668
123086	38 75 113 150 188 225 263 300 338 375 413 450 488 525 563 600 638 675
124012	45 83 120 158 195 233 270 308 345 383 420 458 495 533 570 608 645 683
125022	53 90 128 165 203 240 278 315 353 390 428 465 503 540 578 615 653 690
126017	60 98 135 173 210 248 285 323 360 398 435 473 510 548 585 623 660 698
127020	18 55 93 130 168 205 243 280 318 355 393 430 468 505 543 580 618 655
128014	25 63 100 138 175 213 250 288 325 363 400 438 475 513 550 588 625 663
129012	33 70 108 145 183 220 258 295 333 370 408 445 483 520 558 595 633 670
130015	40 78 115 153 190 228 265 303 340 378 415 453 490 528 565 603 640 678
131037	48 85 123 160 198 235 273 310 348 385 423 460 498 535 573 610 648 685
132006	55 93 130 168 205 243 280 318 355 393 430 468 505 543 580 618 655 693
133007	106 164 275 445 493 534 609 689 721 858 894 940
134081	1 77 286 445 555 579 636 643 707 727 817 838
135006	69 78 167 269 302 467 542 547 553 572 610 641
ΟΝΟΜΑΣΤΙΚΑΙ ΚΑΤΑΣΤΑΣΕΙΣ ΤΑΜΕΙΑΚΩΝ ΘΑ ΥΠΟΒΛΗΘΟΥΝ ΜΕΧΡΙ 5ΗΣ ΣΕΠΤΕΜΒΡΙΟΥ ΔΙΑ ΤΗΝ ΠΡΟΣΜΕΤΡΗΣΙΝ ΤΗΣ ΥΠΗΡΕΣΙΑΣ ΤΩΝ
ΑΘΗΝΑΙ, 25.— Ἐδιευκρινήθη ὑπὸ τοῦ ὑπουργείου Οἰκονομικῶν ὅτι αἱ ὀνομαστικαὶ καταστάσεις τῶν ταμειακῶν ὑπαλλήλων θὰ ὑποβληθοῦν μέχρι τῆς 5ης Σεπτεμβρίου διὰ τὴν προσμέτρησιν τῆς ὑπηρεσίας των.
Η ΠΡΟΒΟΛΗ ΘΕΜΑΤΩΝ ΤΩΝ ΕΡΓΑΖΟΜΕΝΩΝ
ΑΘΗΝΑΙ, 25.— Ἡ ΓΣΕΕ καλεῖ τὰ ἐργατικὰ σωματεῖα νὰ προβάλουν τὰ θέματα τῶν ἐργαζομένων.
ΠΑΡΑΧΩΡΗΣΙΣ ΟΙΚΟΠΕΔΩΝ ΕΙΣ ΑΠΟΡΟΥΣ ΑΣΤΕΓΟΥΣ
ΑΘΗΝΑΙ, 25.— Ἀνεκοινώθη ὅτι θὰ παραχωρηθοῦν οἰκόπεδα εἰς ἀπόρους ἀστέγους.
ΣΕΛΙΣ 11
ΣΗΜΑΝΤΙΚΗ Η ΑΝΟΔΟΣ ΧΡΗΜΑΤΟΔΟΤΗΣΕΩΣ ΤΟΥ ΙΔΙΩΤΙΚΟΥ ΤΟΜΕΩΣ ΤΗΣ ΟΙΚΟΝΟΜΙΑΣ
ΚΑΘΑΡΑ ΑΥΞΗΣΙΣ 9.124.000.000 ΔΡΑΧΜΩΝ
ΑΘΗΝΑΙ, 25.— Ἐκ τοῦ ὑπουργείου Συντονισμοῦ ἐδόθησαν εἰς τὴν δημοσιότητα τὰ τελευταῖα διαθέσιμα στοιχεῖα, ἐκ τῶν ὁποίων προκύπτει σημαντικὴ ἄνοδος τῆς χρηματοδοτήσεως τοῦ ἰδιωτικοῦ τομέως τῆς οἰκονομίας. Ἡ καθαρὰ αὔξησις ἀνῆλθεν εἰς 9.124.000.000 δραχμῶν ἔναντι 6.105.000.000 δραχμῶν κατὰ τὸ ἀντίστοιχον διάστημα τοῦ 1967.
ΑΘΗΝΑΙ, 25.— Ἐκ τοῦ ὑπουργείου Συντονισμοῦ ἐδόθησαν εἰς τὴν δημοσιότητα τὰ τελευταῖα διαθέσιμα στοιχεῖα, ἐκ τῶν ὁποίων προκύπτει σημαντικὴ ἄνοδος τῆς χρηματοδοτήσεως τοῦ ἰδιωτικοῦ τομέως τῆς οἰκονομίας. Ἡ καθαρὰ αὔξησις ἀνῆλθεν εἰς 9.124.000.000 δραχμῶν ἔναντι 6.105.000.000 δραχμῶν κατὰ τὸ ἀντίστοιχον διάστημα τοῦ 1967.
ΑΘΗΝΑΙ, 25.— Ἐκ τοῦ ὑπουργείου Συντονισμοῦ ἐδόθησαν εἰς τὴν δημοσιότητα τὰ τελευταῖα διαθέσιμα στοιχεῖα, ἐκ τῶν ὁποίων προκύπτει σημαντικὴ ἄνοδος τῆς χρηματοδοτήσεως τοῦ ἰδιωτικοῦ τομέως τῆς οἰκονομίας. Ἡ καθαρὰ αὔξησις ἀνῆλθεν εἰς 9.124.000.000 δραχμῶν ἔναντι 6.105.000.000 δραχμῶν κατὰ τὸ ἀντίστοιχον διάστημα τοῦ 1967.
Ο Κ. ΒΟΒΟΛΙΝΗΣ ΜΕΤΕΒΗ ΕΙΣ ΤΗΝ ΖΑΚΥΝΘΟΝ ΕΠΙ ΤΗ ΕΠΕΤΕΙΩ ΤΗΣ ΔΙΑΚΟΜΙΔΗΣ ΤΟΥ ΣΚΗΝΩΜΑΤΟΣ ΤΟΥ ΠΡΟΣΤΑΤΟΥ ΑΥΤΗΣ
ΖΑΚΥΝΘΟΣ, 25.— Μετὰ μεγαλοπρεπείας ἑωρτάσθη χθὲς ἡ ἐπέτειος τῆς μετακομιδῆς τοῦ σκηνώματος τοῦ πολιούχου τῆς νήσου Ἁγίου Διονυσίου. Εἰς τὰς ἐκδηλώσεις παρέστη ὁ ὑφυπουργὸς κ. Βοβολίνης.
ΖΑΚΥΝΘΟΣ, 25.— Μετὰ μεγαλοπρεπείας ἑωρτάσθη χθὲς ἡ ἐπέτειος τῆς μετακομιδῆς τοῦ σκηνώματος τοῦ πολιούχου τῆς νήσου Ἁγίου Διονυσίου. Εἰς τὰς ἐκδηλώσεις παρέστη ὁ ὑφυπουργὸς κ. Βοβολίνης.
ΖΑΚΥΝΘΟΣ, 25.— Μετὰ μεγαλοπρεπείας ἑωρτάσθη χθὲς ἡ ἐπέτειος τῆς μετακομιδῆς τοῦ σκηνώματος τοῦ πολιούχου τῆς νήσου Ἁγίου Διονυσίου. Εἰς τὰς ἐκδηλώσεις παρέστη ὁ ὑφυπουργὸς κ. Βοβολίνης.
ΖΑΚΥΝΘΟΣ, 25.— Μετὰ μεγαλοπρεπείας ἑωρτάσθη χθὲς ἡ ἐπέτειος τῆς μετακομιδῆς τοῦ σκηνώματος τοῦ πολιούχου τῆς νήσου Ἁγίου Διονυσίου. Εἰς τὰς ἐκδηλώσεις παρέστη ὁ ὑφυπουργὸς κ. Βοβολίνης.
Ο ΠΡΟΕΔΡΟΣ ΤΟΥ ΕΟΚ ΕΙΣ ΣΥΝΕΝΤΕΥΞΙΝ ΤΟΥ ΑΝΑΠΤΥΣΣΕΙ ΤΑ ΕΠΙΤΕΥΓΜΑΤΑ ΤΑ ΣΗΜΕΙΩΘΕΝΤΑ ΕΙΣ ΤΟ ΤΟΜΕΑ ΤΟΥ ΚΑΠΝΟΥ
ΑΘΗΝΑΙ, 25.— Εἰς συνέντευξίν του ὁ πρόεδρος τοῦ ΕΟΚ ἀνέπτυξε τὰ ἐπιτεύγματα τὰ σημειωθέντα εἰς τὸν τομέα τοῦ καπνοῦ κατὰ τὰ τελευταῖα ἔτη καὶ ἀνεφέρθη εἰς τὰ ἀδιάθετα καπνά.
ΑΘΗΝΑΙ, 25.— Εἰς συνέντευξίν του ὁ πρόεδρος τοῦ ΕΟΚ ἀνέπτυξε τὰ ἐπιτεύγματα τὰ σημειωθέντα εἰς τὸν τομέα τοῦ καπνοῦ κατὰ τὰ τελευταῖα ἔτη καὶ ἀνεφέρθη εἰς τὰ ἀδιάθετα καπνά.
ΤΑ ΑΔΙΑΘΕΤΑ ΚΑΠΝΑ
ΑΘΗΝΑΙ, 25.— Εἰς συνέντευξίν του ὁ πρόεδρος τοῦ ΕΟΚ ἀνέπτυξε τὰ ἐπιτεύγματα τὰ σημειωθέντα εἰς τὸν τομέα τοῦ καπνοῦ κατὰ τὰ τελευταῖα ἔτη καὶ ἀνεφέρθη εἰς τὰ ἀδιάθετα καπνά.
ΑΘΗΝΑΙ, 25.— Εἰς συνέντευξίν του ὁ πρόεδρος τοῦ ΕΟΚ ἀνέπτυξε τὰ ἐπιτεύγματα τὰ σημειωθέντα εἰς τὸν τομέα τοῦ καπνοῦ κατὰ τὰ τελευταῖα ἔτη καὶ ἀνεφέρθη εἰς τὰ ἀδιάθετα καπνά.
ΑΘΗΝΑΙ, 25.— Εἰς συνέντευξίν του ὁ πρόεδρος τοῦ ΕΟΚ ἀνέπτυξε τὰ ἐπιτεύγματα τὰ σημειωθέντα εἰς τὸν τομέα τοῦ καπνοῦ κατὰ τὰ τελευταῖα ἔτη καὶ ἀνεφέρθη εἰς τὰ ἀδιάθετα καπνά.
ΤΟΥ ΑΠΕΣΠΑΣΕ ΤΟ ΠΟΣΟΝ ΤΩΝ 10.000 ΔΡΑΧ. ΠΡΟΣ ΕΞΕΥΡΕΣΙΝ ΕΡΓΑΣΙΑΣ ΚΑΙ ΕΞΗΦΑΝΙΣΘΗ
ΑΘΗΝΑΙ, 25.— Ὁ Κ.Ο. Τσίγκας κατήγγειλεν εἰς τὴν ἀστυνομίαν ὅτι ἄγνωστος τοῦ ἀπέσπασε τὸ ποσὸν τῶν 10.000 δραχμῶν μὲ τὴν ὑπόσχεσιν ἐξευρέσεως ἐργασίας καὶ ἐξηφανίσθη.
ΑΘΗΝΑΙ, 25.— Ὁ Κ.Ο. Τσίγκας κατήγγειλεν εἰς τὴν ἀστυνομίαν ὅτι ἄγνωστος τοῦ ἀπέσπασε τὸ ποσὸν τῶν 10.000 δραχμῶν μὲ τὴν ὑπόσχεσιν ἐξευρέσεως ἐργασίας καὶ ἐξηφανίσθη.
ΗΥΞΗΣΑΝ ΤΗΝ ΕΝΤΑΣΙΝ ΕΙΣ Μ. ΑΝΑΤΟΛΗΝ ΑΙ 15 ΝΕΑΙ ΕΚΤΕΛΕΣΕΙΣ ΕΙΣ ΤΗΝ ΒΑΓΔΑΤΗΝ
ΣΥΝΕΧΕΙΑ ΕΚ ΤΗΣ 1ΗΣ ΣΕΛ. Αἱ νέαι ἐκτελέσεις εἰς τὴν Βαγδάτην ηὔξησαν τὴν ἔντασιν εἰς τὴν Μέσην Ἀνατολήν. ΛΟΝΔΙΝΟΝ, 25.— Αἱ ἑβραϊκαὶ ὀργανώσεις διαμαρτύρονται.
ΟΙ ΑΓΓΛΟΕΒΡΑΙΟΙ
ΣΥΝΕΧΕΙΑ ΕΚ ΤΗΣ 1ΗΣ ΣΕΛ. Αἱ νέαι ἐκτελέσεις εἰς τὴν Βαγδάτην ηὔξησαν τὴν ἔντασιν εἰς τὴν Μέσην Ἀνατολήν. ΛΟΝΔΙΝΟΝ, 25.— Αἱ ἑβραϊκαὶ ὀργανώσεις διαμαρτύρονται.
Η ΛΗΣΤΕΙΑ ΤΟ ΑΙΤΙΟΝ ΤΗΣ ΔΟΛΟΦΟΝΙΑΣ ΤΗΣ ΑΤΥΧΟΥΣ ΓΡΑΙΑΣ ΕΙΣ ΤΑΣ ΑΘΗΝΑΣ
ΣΥΝΕΧΕΙΑ ΕΚ ΤΗΣ 1ΗΣ ΣΕΛ. Ἡ ἀστυνομία διεπίστωσεν ὅτι αἴτιον τῆς δολοφονίας ὑπῆρξεν ἡ ληστεία. Ὁ φονεὺς ἥρπασε χρήματα καὶ τιμαλφῆ ἐκ τοῦ διαμερίσματος τῆς ἀτυχοῦς γραίας.
ΣΥΝΕΧΕΙΑ ΕΚ ΤΗΣ 1ΗΣ ΣΕΛ. Ἡ ἀστυνομία διεπίστωσεν ὅτι αἴτιον τῆς δολοφονίας ὑπῆρξεν ἡ ληστεία. Ὁ φονεὺς ἥρπασε χρήματα καὶ τιμαλφῆ ἐκ τοῦ διαμερίσματος τῆς ἀτυχοῦς γραίας.
Ο ΦΟΝΕΥΣ ΗΡΠΑΣΕ ΧΡΗΜΑΤΑ
ΣΥΝΕΧΕΙΑ ΕΚ ΤΗΣ 1ΗΣ ΣΕΛ. Ἡ ἀστυνομία διεπίστωσεν ὅτι αἴτιον τῆς δολοφονίας ὑπῆρξεν ἡ ληστεία. Ὁ φονεὺς ἥρπασε χρήματα καὶ τιμαλφῆ ἐκ τοῦ διαμερίσματος τῆς ἀτυχοῦς γραίας.
ΤΟ ΠΡΟΓΡΑΜΜΑ ΤΕΝΤΥΜΠΟ-Υ-ΣΜΟΥ
ΣΥΝΕΧΕΙΑ ΕΚ ΤΗΣ 1ΗΣ ΣΕΛ. «Ἐλπίζω, εἶπεν ὁ ὑπουργός, ὅτι τὸ πρόγραμμα θὰ συνεχισθῇ μὲ τὸν ἴδιον ρυθμόν».
